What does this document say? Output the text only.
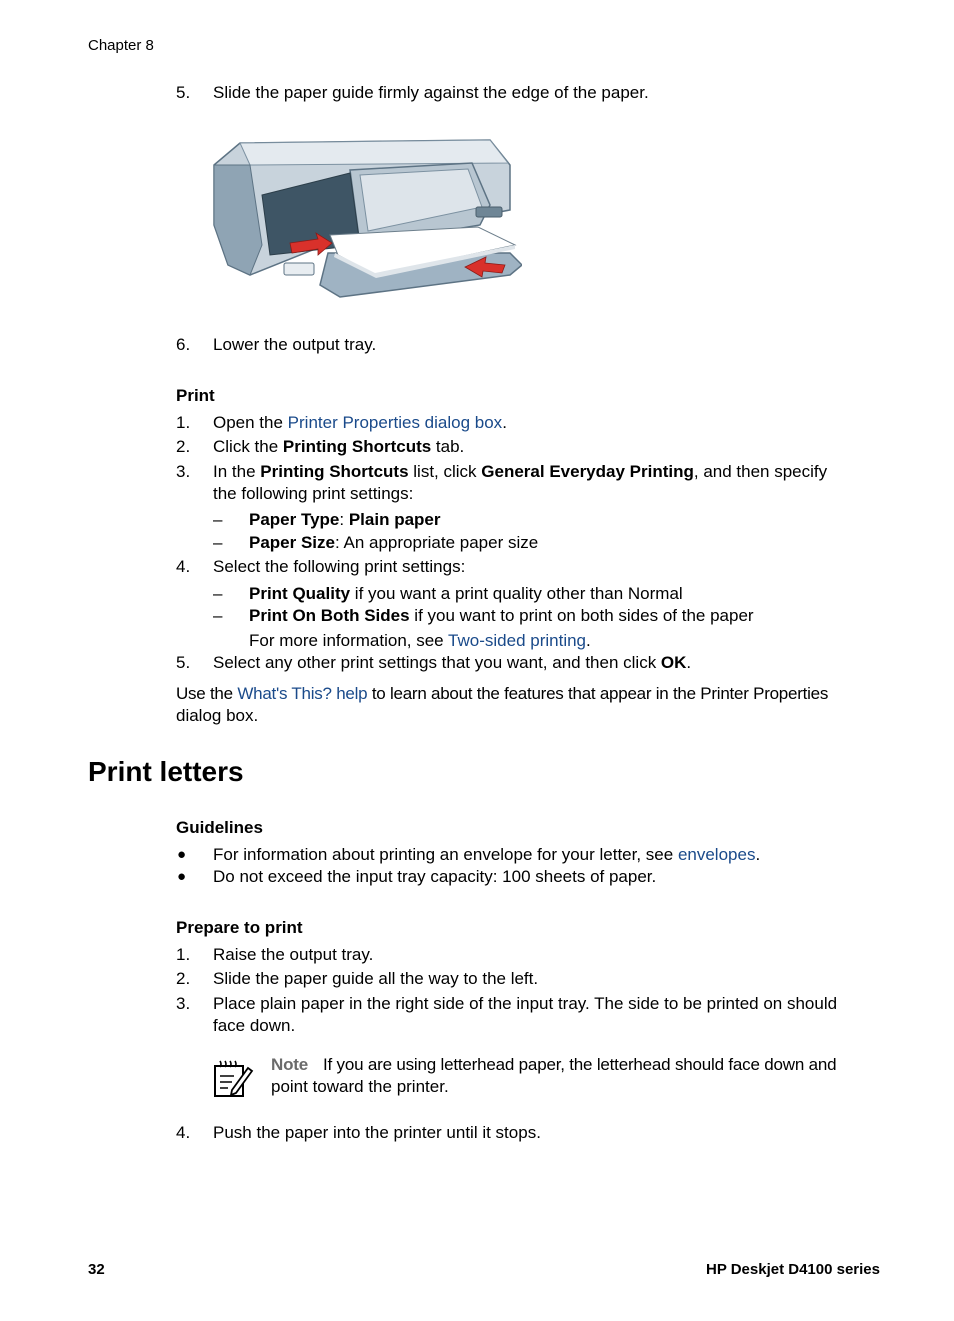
Chapter 8
5. Slide the paper guide firmly against the edge of the paper.
6. Lower the output tray.
Print
1. Open the Printer Properties dialog box.
2. Click the Printing Shortcuts tab.
3. In the Printing Shortcuts list, click General Everyday Printing, and then specify
the following print settings:
– Paper Type: Plain paper
– Paper Size: An appropriate paper size
4. Select the following print settings:
– Print Quality if you want a print quality other than Normal
– Print On Both Sides if you want to print on both sides of the paper
For more information, see Two-sided printing.
5. Select any other print settings that you want, and then click OK.
Use the What's This? help to learn about the features that appear in the Printer Properties
dialog box.
Print letters
Guidelines
● For information about printing an envelope for your letter, see envelopes.
● Do not exceed the input tray capacity: 100 sheets of paper.
Prepare to print
1. Raise the output tray.
2. Slide the paper guide all the way to the left.
3. Place plain paper in the right side of the input tray. The side to be printed on should
face down.
Note If you are using letterhead paper, the letterhead should face down and
point toward the printer.
4. Push the paper into the printer until it stops.
32	HP Deskjet D4100 series
